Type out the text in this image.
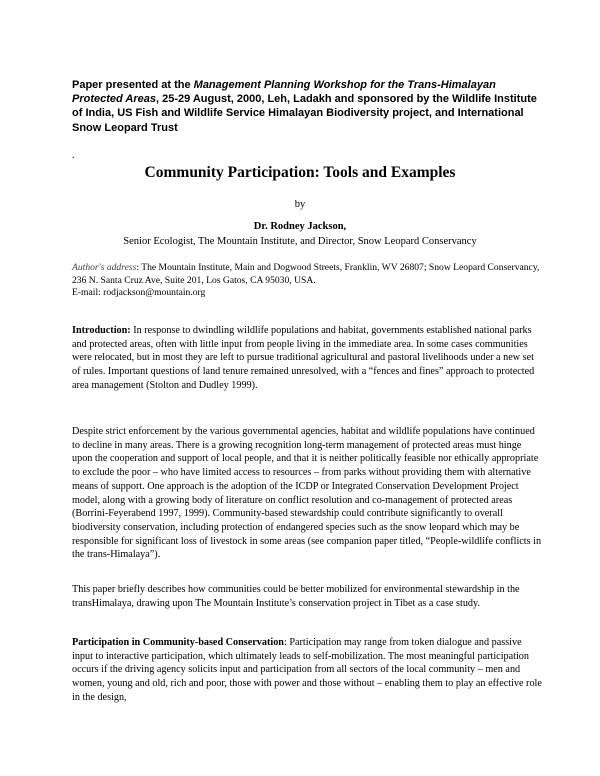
Paper presented at the Management Planning Workshop for the Trans-Himalayan Protected Areas, 25-29 August, 2000, Leh, Ladakh and sponsored by the Wildlife Institute of India, US Fish and Wildlife Service Himalayan Biodiversity project, and International Snow Leopard Trust
.
Community Participation: Tools and Examples
by
Dr. Rodney Jackson,
Senior Ecologist, The Mountain Institute, and Director, Snow Leopard Conservancy
Author's address: The Mountain Institute, Main and Dogwood Streets, Franklin, WV 26807; Snow Leopard Conservancy, 236 N. Santa Cruz Ave, Suite 201, Los Gatos, CA 95030, USA.
E-mail: rodjackson@mountain.org

Introduction: In response to dwindling wildlife populations and habitat, governments established national parks and protected areas, often with little input from people living in the immediate area. In some cases communities were relocated, but in most they are left to pursue traditional agricultural and pastoral livelihoods under a new set of rules. Important questions of land tenure remained unresolved, with a “fences and fines” approach to protected area management (Stolton and Dudley 1999).

Despite strict enforcement by the various governmental agencies, habitat and wildlife populations have continued to decline in many areas. There is a growing recognition long-term management of protected areas must hinge upon the cooperation and support of local people, and that it is neither politically feasible nor ethically appropriate to exclude the poor – who have limited access to resources – from parks without providing them with alternative means of support. One approach is the adoption of the ICDP or Integrated Conservation Development Project model, along with a growing body of literature on conflict resolution and co-management of protected areas (Borrini-Feyerabend 1997, 1999). Community-based stewardship could contribute significantly to overall biodiversity conservation, including protection of endangered species such as the snow leopard which may be responsible for significant loss of livestock in some areas (see companion paper titled, “People-wildlife conflicts in the trans-Himalaya”).

This paper briefly describes how communities could be better mobilized for environmental stewardship in the transHimalaya, drawing upon The Mountain Institute’s conservation project in Tibet as a case study.

Participation in Community-based Conservation: Participation may range from token dialogue and passive input to interactive participation, which ultimately leads to self-mobilization. The most meaningful participation occurs if the driving agency solicits input and participation from all sectors of the local community – men and women, young and old, rich and poor, those with power and those without – enabling them to play an effective role in the design,
